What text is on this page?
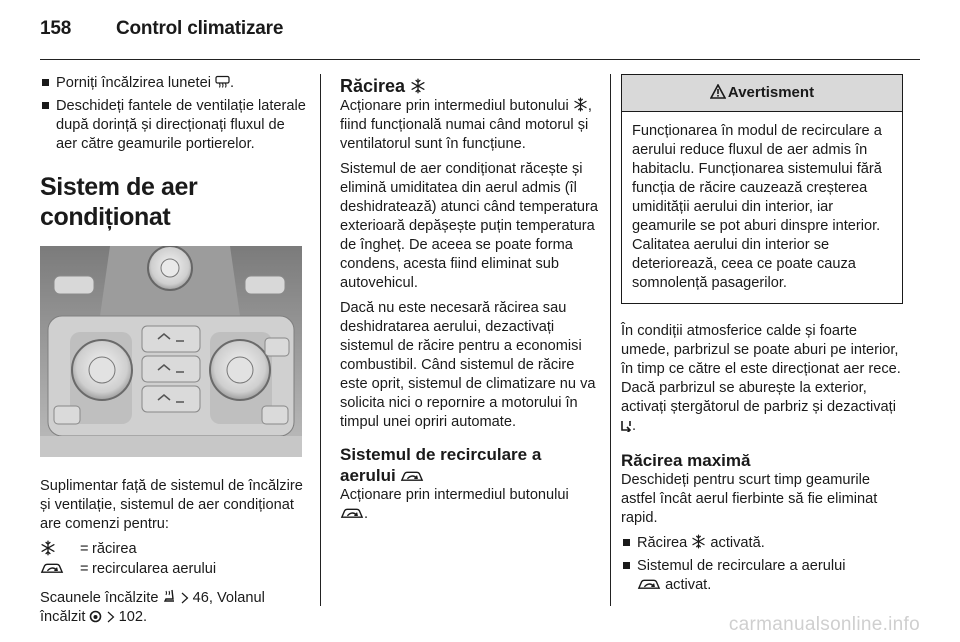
158 Control climatizare
Porniți încălzirea lunetei .
Deschideți fantele de ventilație laterale după dorință și direcționați fluxul de aer către geamurile portierelor.
Sistem de aer condiționat

Suplimentar față de sistemul de încălzire și ventilație, sistemul de aer condiționat are comenzi pentru:

= răcirea
= recircularea aerului

Scaunele încălzite 46, Volanul încălzit 102.

Răcirea

Acționare prin intermediul butonului , fiind funcțională numai când motorul și ventilatorul sunt în funcțiune.

Sistemul de aer condiționat răcește și elimină umiditatea din aerul admis (îl deshidratează) atunci când temperatura exterioară depășește puțin temperatura de îngheț. De aceea se poate forma condens, acesta fiind eliminat sub autovehicul.

Dacă nu este necesară răcirea sau deshidratarea aerului, dezactivați sistemul de răcire pentru a economisi combustibil. Când sistemul de răcire este oprit, sistemul de climatizare nu va solicita nici o repornire a motorului în timpul unei opriri automate.

Sistemul de recirculare a
aerului

Acționare prin intermediul butonului
.

Avertisment
Funcționarea în modul de recirculare a aerului reduce fluxul de aer admis în habitaclu. Funcționarea sistemului fără funcția de răcire cauzează creșterea umidității aerului din interior, iar geamurile se pot aburi dinspre interior. Calitatea aerului din interior se deteriorează, ceea ce poate cauza somnolență pasagerilor.

În condiții atmosferice calde și foarte umede, parbrizul se poate aburi pe interior, în timp ce către el este direcționat aer rece. Dacă parbrizul se aburește la exterior, activați ștergătorul de parbriz și dezactivați .

Răcirea maximă

Deschideți pentru scurt timp geamurile astfel încât aerul fierbinte să fie eliminat rapid.

Răcirea activată.
Sistemul de recirculare a aerului
activat.
carmanualsonline.info
